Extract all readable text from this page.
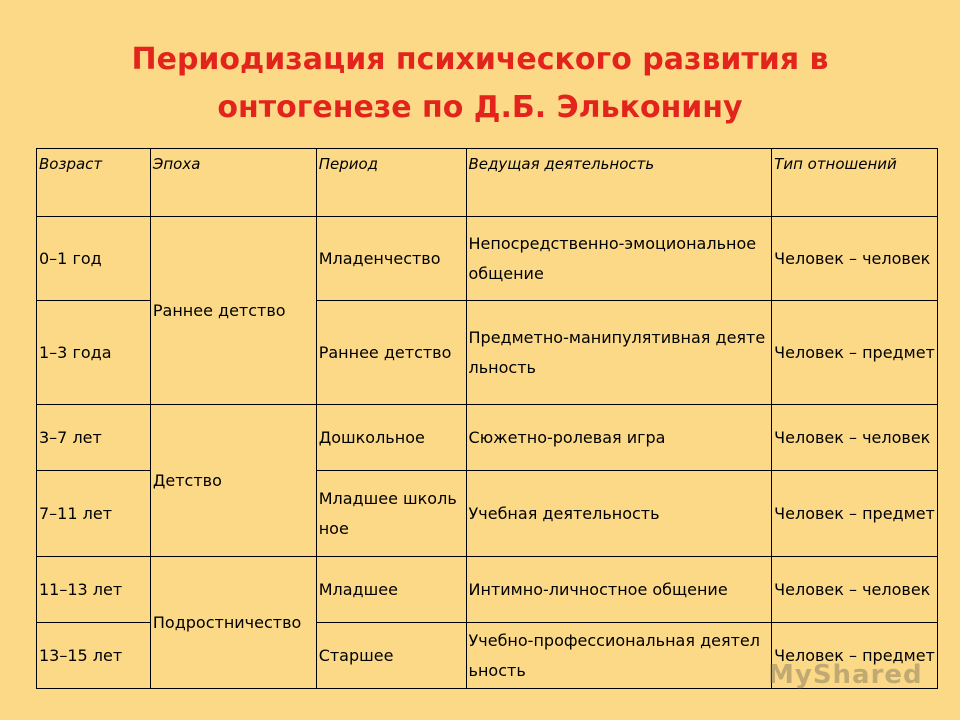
Периодизация психического развития в
онтогенезе по Д.Б. Эльконину
Возраст	Эпоха	Период	Ведущая деятельность	Тип отношений
0–1 год	Раннее детство	Младенчество	Непосредственно-эмоциональное общение	Человек – человек
1–3 года		Раннее детство	Предметно-манипулятивная деятельность	Человек – предмет
3–7 лет	Детство	Дошкольное	Сюжетно-ролевая игра	Человек – человек
7–11 лет		Младшее школьное	Учебная деятельность	Человек – предмет
11–13 лет	Подростничество	Младшее	Интимно-личностное общение	Человек – человек
13–15 лет		Старшее	Учебно-профессиональная деятельность	Человек – предмет
MyShared
